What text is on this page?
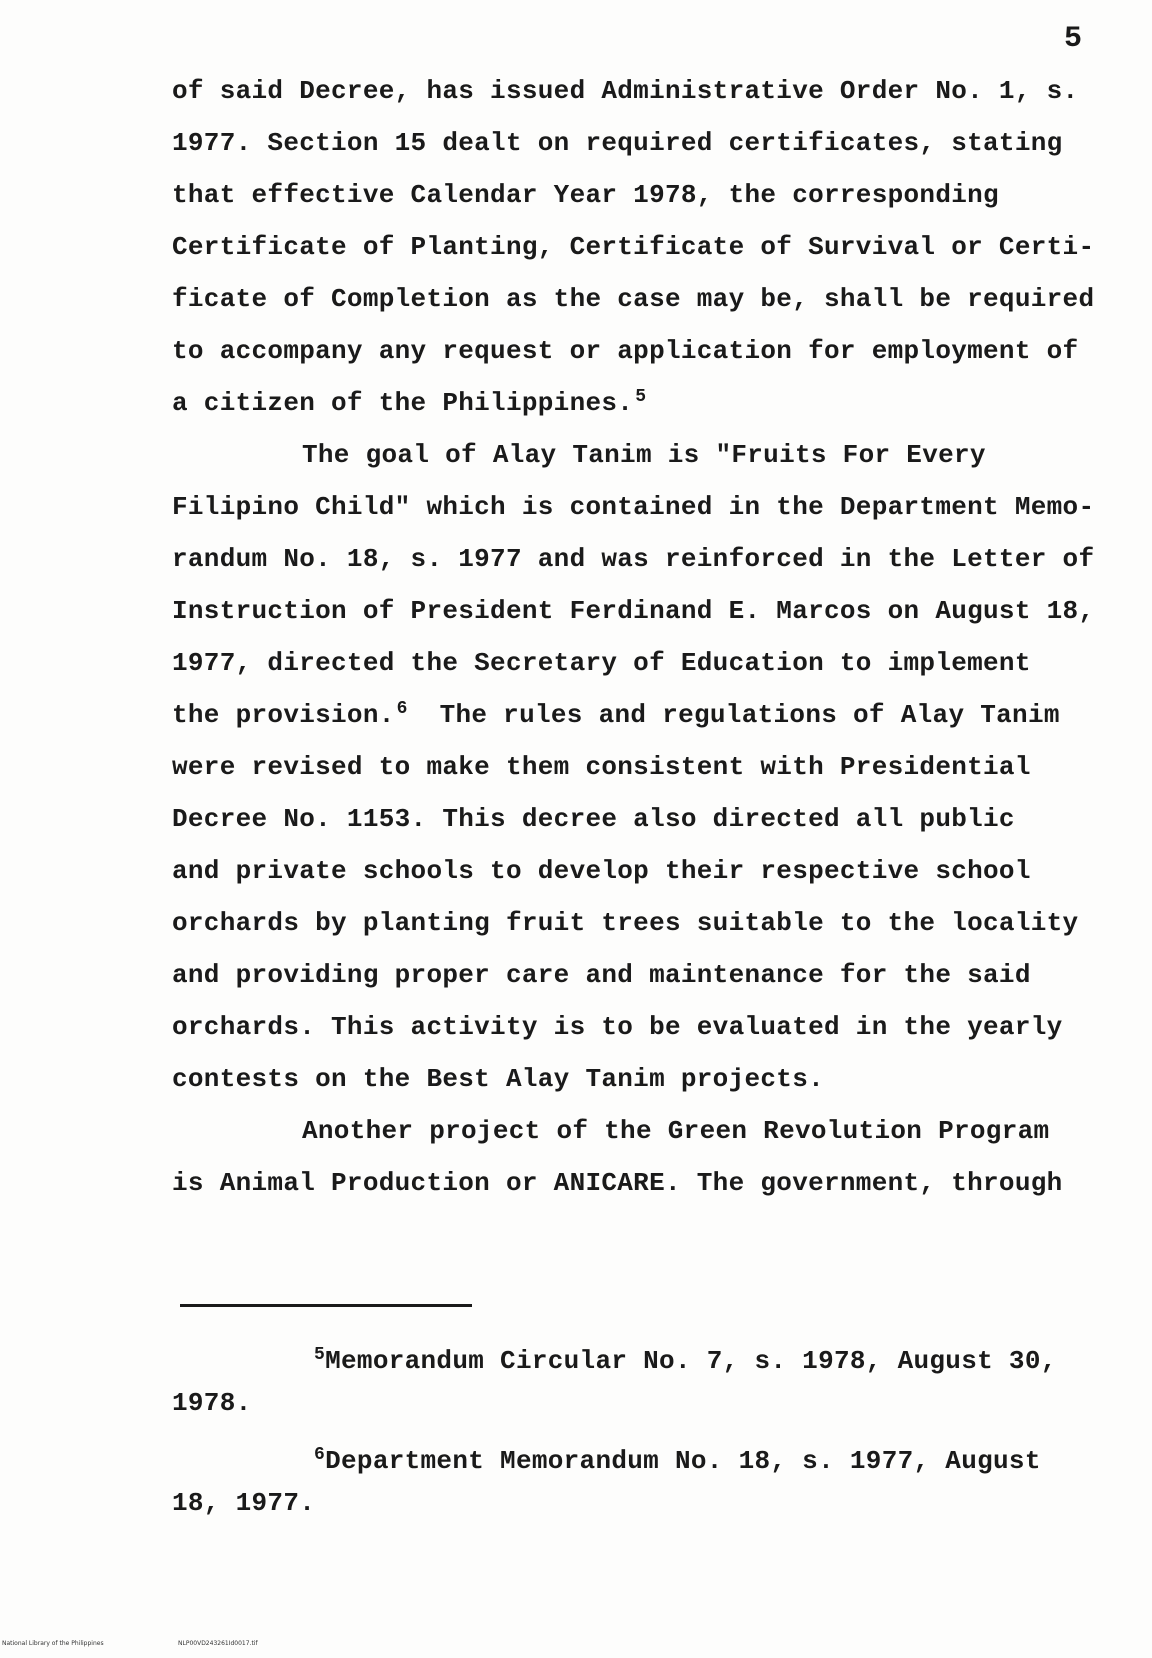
5
of said Decree, has issued Administrative Order No. 1, s.
1977. Section 15 dealt on required certificates, stating
that effective Calendar Year 1978, the corresponding
Certificate of Planting, Certificate of Survival or Certi-
ficate of Completion as the case may be, shall be required
to accompany any request or application for employment of
a citizen of the Philippines. $^5$
The goal of Alay Tanim is "Fruits For Every
Filipino Child" which is contained in the Department Memo-
randum No. 18, s. 1977 and was reinforced in the Letter of
Instruction of President Ferdinand E. Marcos on August 18,
1977, directed the Secretary of Education to implement
the provision. $^6$ The rules and regulations of Alay Tanim
were revised to make them consistent with Presidential
Decree No. 1153. This decree also directed all public
and private schools to develop their respective school
orchards by planting fruit trees suitable to the locality
and providing proper care and maintenance for the said
orchards. This activity is to be evaluated in the yearly
contests on the Best Alay Tanim projects.
Another project of the Green Revolution Program
is Animal Production or ANICARE. The government, through
$^5$Memorandum Circular No. 7, s. 1978, August 30,
1978.
$^6$Department Memorandum No. 18, s. 1977, August
18, 1977.
National Library of the Philippines	NLP00VD243261Id0017.tif
